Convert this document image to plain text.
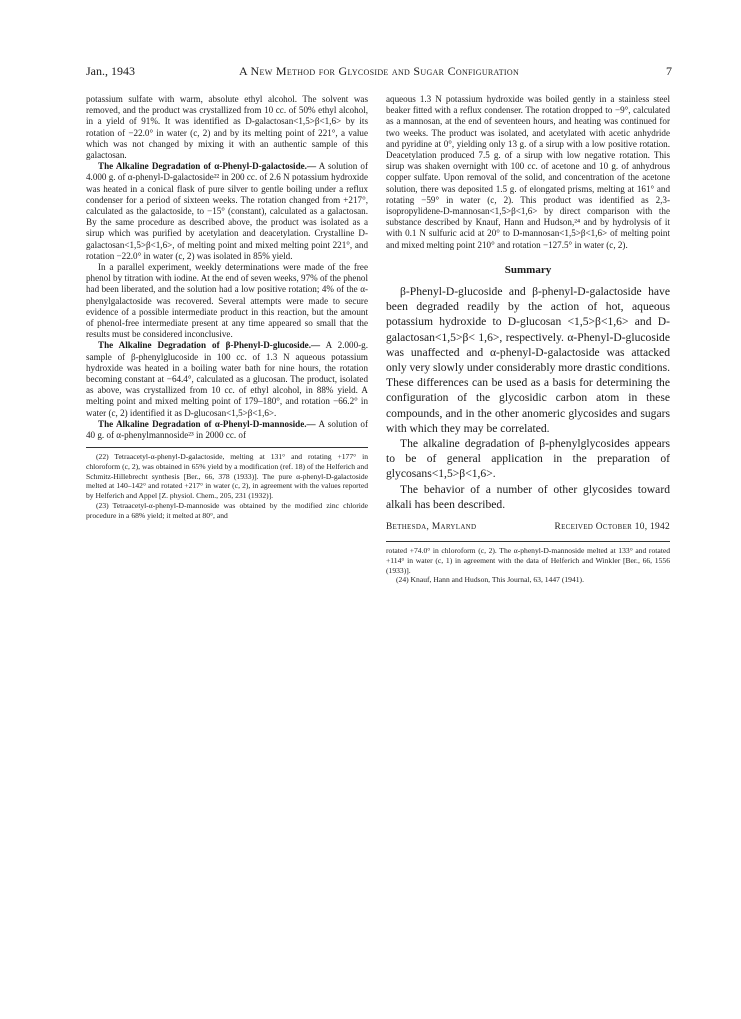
Jan., 1943	A New Method for Glycoside and Sugar Configuration	7

potassium sulfate with warm, absolute ethyl alcohol. The solvent was removed, and the product was crystallized from 10 cc. of 50% ethyl alcohol, in a yield of 91%. It was identified as D-galactosan<1,5>β<1,6> by its rotation of −22.0° in water (c, 2) and by its melting point of 221°, a value which was not changed by mixing it with an authentic sample of this galactosan.

The Alkaline Degradation of α-Phenyl-D-galactoside.— A solution of 4.000 g. of α-phenyl-D-galactoside²² in 200 cc. of 2.6 N potassium hydroxide was heated in a conical flask of pure silver to gentle boiling under a reflux condenser for a period of sixteen weeks. The rotation changed from +217°, calculated as the galactoside, to −15° (constant), calculated as a galactosan. By the same procedure as described above, the product was isolated as a sirup which was purified by acetylation and deacetylation. Crystalline D-galactosan<1,5>β<1,6>, of melting point and mixed melting point 221°, and rotation −22.0° in water (c, 2) was isolated in 85% yield.

In a parallel experiment, weekly determinations were made of the free phenol by titration with iodine. At the end of seven weeks, 97% of the phenol had been liberated, and the solution had a low positive rotation; 4% of the α-phenylgalactoside was recovered. Several attempts were made to secure evidence of a possible intermediate product in this reaction, but the amount of phenol-free intermediate present at any time appeared so small that the results must be considered inconclusive.

The Alkaline Degradation of β-Phenyl-D-glucoside.— A 2.000-g. sample of β-phenylglucoside in 100 cc. of 1.3 N aqueous potassium hydroxide was heated in a boiling water bath for nine hours, the rotation becoming constant at −64.4°, calculated as a glucosan. The product, isolated as above, was crystallized from 10 cc. of ethyl alcohol, in 88% yield. A melting point and mixed melting point of 179–180°, and rotation −66.2° in water (c, 2) identified it as D-glucosan<1,5>β<1,6>.

The Alkaline Degradation of α-Phenyl-D-mannoside.— A solution of 40 g. of α-phenylmannoside²³ in 2000 cc. of

(22) Tetraacetyl-α-phenyl-D-galactoside, melting at 131° and rotating +177° in chloroform (c, 2), was obtained in 65% yield by a modification (ref. 18) of the Helferich and Schmitz-Hillebrecht synthesis [Ber., 66, 378 (1933)]. The pure α-phenyl-D-galactoside melted at 140–142° and rotated +217° in water (c, 2), in agreement with the values reported by Helferich and Appel [Z. physiol. Chem., 205, 231 (1932)].

(23) Tetraacetyl-α-phenyl-D-mannoside was obtained by the modified zinc chloride procedure in a 68% yield; it melted at 80°, and

aqueous 1.3 N potassium hydroxide was boiled gently in a stainless steel beaker fitted with a reflux condenser. The rotation dropped to −9°, calculated as a mannosan, at the end of seventeen hours, and heating was continued for two weeks. The product was isolated, and acetylated with acetic anhydride and pyridine at 0°, yielding only 13 g. of a sirup with a low positive rotation. Deacetylation produced 7.5 g. of a sirup with low negative rotation. This sirup was shaken overnight with 100 cc. of acetone and 10 g. of anhydrous copper sulfate. Upon removal of the solid, and concentration of the acetone solution, there was deposited 1.5 g. of elongated prisms, melting at 161° and rotating −59° in water (c, 2). This product was identified as 2,3-isopropylidene-D-mannosan<1,5>β<1,6> by direct comparison with the substance described by Knauf, Hann and Hudson,²⁴ and by hydrolysis of it with 0.1 N sulfuric acid at 20° to D-mannosan<1,5>β<1,6> of melting point and mixed melting point 210° and rotation −127.5° in water (c, 2).

Summary

β-Phenyl-D-glucoside and β-phenyl-D-galactoside have been degraded readily by the action of hot, aqueous potassium hydroxide to D-glucosan <1,5>β<1,6> and D-galactosan<1,5>β< 1,6>, respectively. α-Phenyl-D-glucoside was unaffected and α-phenyl-D-galactoside was attacked only very slowly under considerably more drastic conditions. These differences can be used as a basis for determining the configuration of the glycosidic carbon atom in these compounds, and in the other anomeric glycosides and sugars with which they may be correlated.

The alkaline degradation of β-phenylglycosides appears to be of general application in the preparation of glycosans<1,5>β<1,6>.

The behavior of a number of other glycosides toward alkali has been described.

Bethesda, Maryland	Received October 10, 1942

rotated +74.0° in chloroform (c, 2). The α-phenyl-D-mannoside melted at 133° and rotated +114° in water (c, 1) in agreement with the data of Helferich and Winkler [Ber., 66, 1556 (1933)].

(24) Knauf, Hann and Hudson, This Journal, 63, 1447 (1941).
